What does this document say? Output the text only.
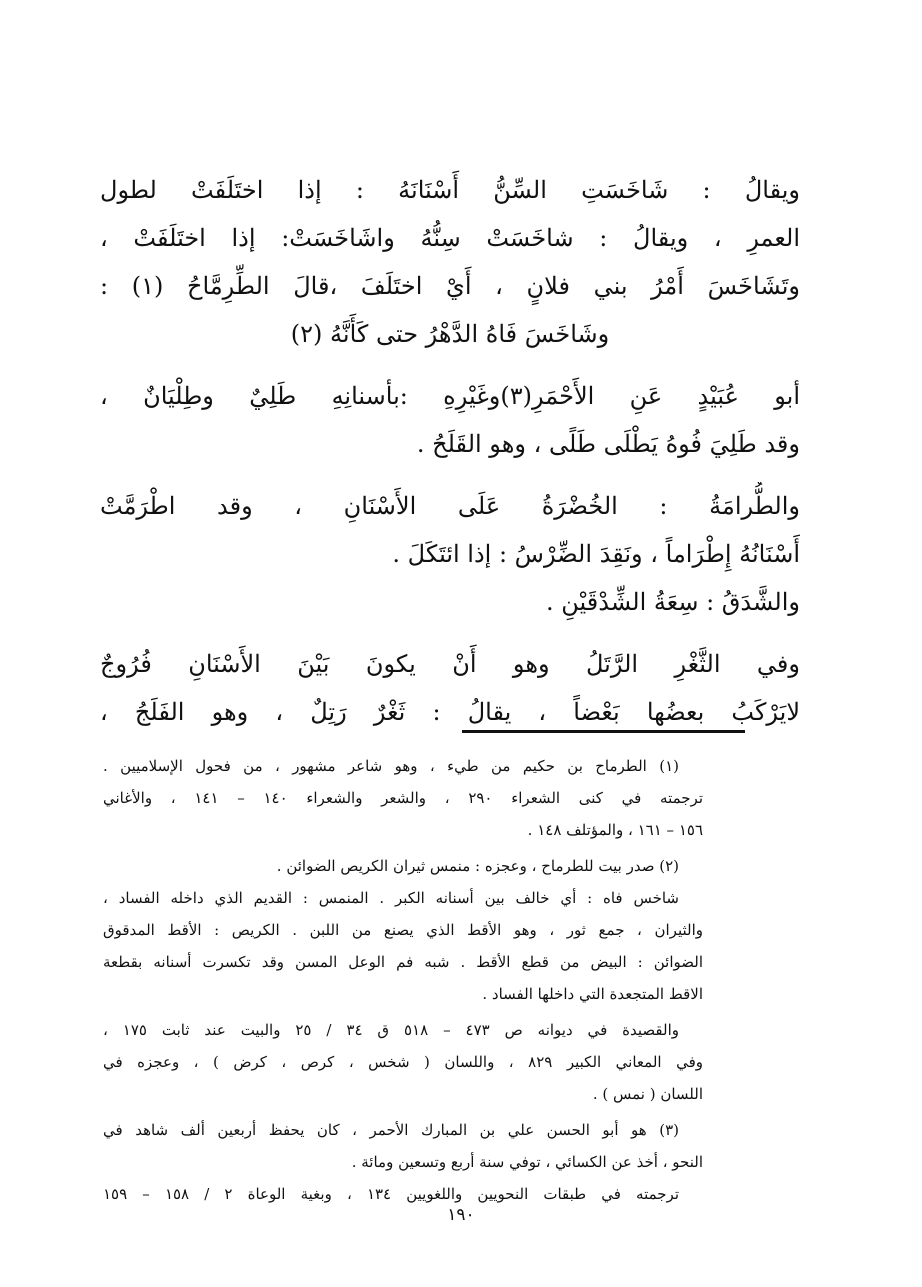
ويقالُ : شَاخَسَتِ السِّنُّ أَسْنَانَهُ : إذا اختَلَفَتْ لطول
العمرِ ، ويقالُ : شاخَسَتْ سِنُّهُ واشَاخَسَتْ: إذا اختَلَفَتْ ،
وتَشَاخَسَ أَمْرُ بني فلانٍ ، أَيْ اختَلَفَ ،قالَ الطِّرِمَّاحُ (١) :
وشَاخَسَ فَاهُ الدَّهْرُ حتى كَأَنَّهُ (٢)
أبو عُبَيْدٍ عَنِ الأَحْمَرِ(٣)وغَيْرِهِ :بأسنانِهِ طَلِيٌ وطِلْيَانٌ ،
وقد طَلِيَ فُوهُ يَطْلَى طَلًى ، وهو القَلَحُ .
والطُّرامَةُ : الخُضْرَةُ عَلَى الأَسْنَانِ ، وقد اطْرَمَّتْ
أَسْنَانُهُ إِطْرَاماً ، ونَقِدَ الضِّرْسُ : إذا ائتَكَلَ .
والشَّدَقُ : سِعَةُ الشِّدْقَيْنِ .
وفي الثَّغْرِ الرَّتَلُ وهو أَنْ يكونَ بَيْنَ الأَسْنَانِ فُرُوجٌ
لايَرْكَبُ بعضُها بَعْضاً ، يقالُ : ثَغْرٌ رَتِلٌ ، وهو الفَلَجُ ،
(١) الطرماح بن حكيم من طيء ، وهو شاعر مشهور ، من فحول الإسلاميين .
ترجمته في كنى الشعراء ٢٩٠ ، والشعر والشعراء ١٤٠ – ١٤١ ، والأغاني
١٥٦ – ١٦١ ، والمؤتلف ١٤٨ .
(٢) صدر بيت للطرماح ، وعجزه : منمس ثيران الكريص الضوائن .
شاخس فاه : أي خالف بين أسنانه الكبر . المنمس : القديم الذي داخله الفساد ،
والثيران ، جمع ثور ، وهو الأقط الذي يصنع من اللبن . الكريص : الأقط المدقوق
الضوائن : البيض من قطع الأقط . شبه فم الوعل المسن وقد تكسرت أسنانه بقطعة
الاقط المتجعدة التي داخلها الفساد .
والقصيدة في ديوانه ص ٤٧٣ – ٥١٨ ق ٣٤ / ٢٥ والبيت عند ثابت ١٧٥ ،
وفي المعاني الكبير ٨٢٩ ، واللسان ( شخس ، كرص ، كرض ) ، وعجزه في
اللسان ( نمس ) .
(٣) هو أبو الحسن علي بن المبارك الأحمر ، كان يحفظ أربعين ألف شاهد في
النحو ، أخذ عن الكسائي ، توفي سنة أربع وتسعين ومائة .
ترجمته في طبقات النحويين واللغويين ١٣٤ ، وبغية الوعاة ٢ / ١٥٨ – ١٥٩
١٩٠
